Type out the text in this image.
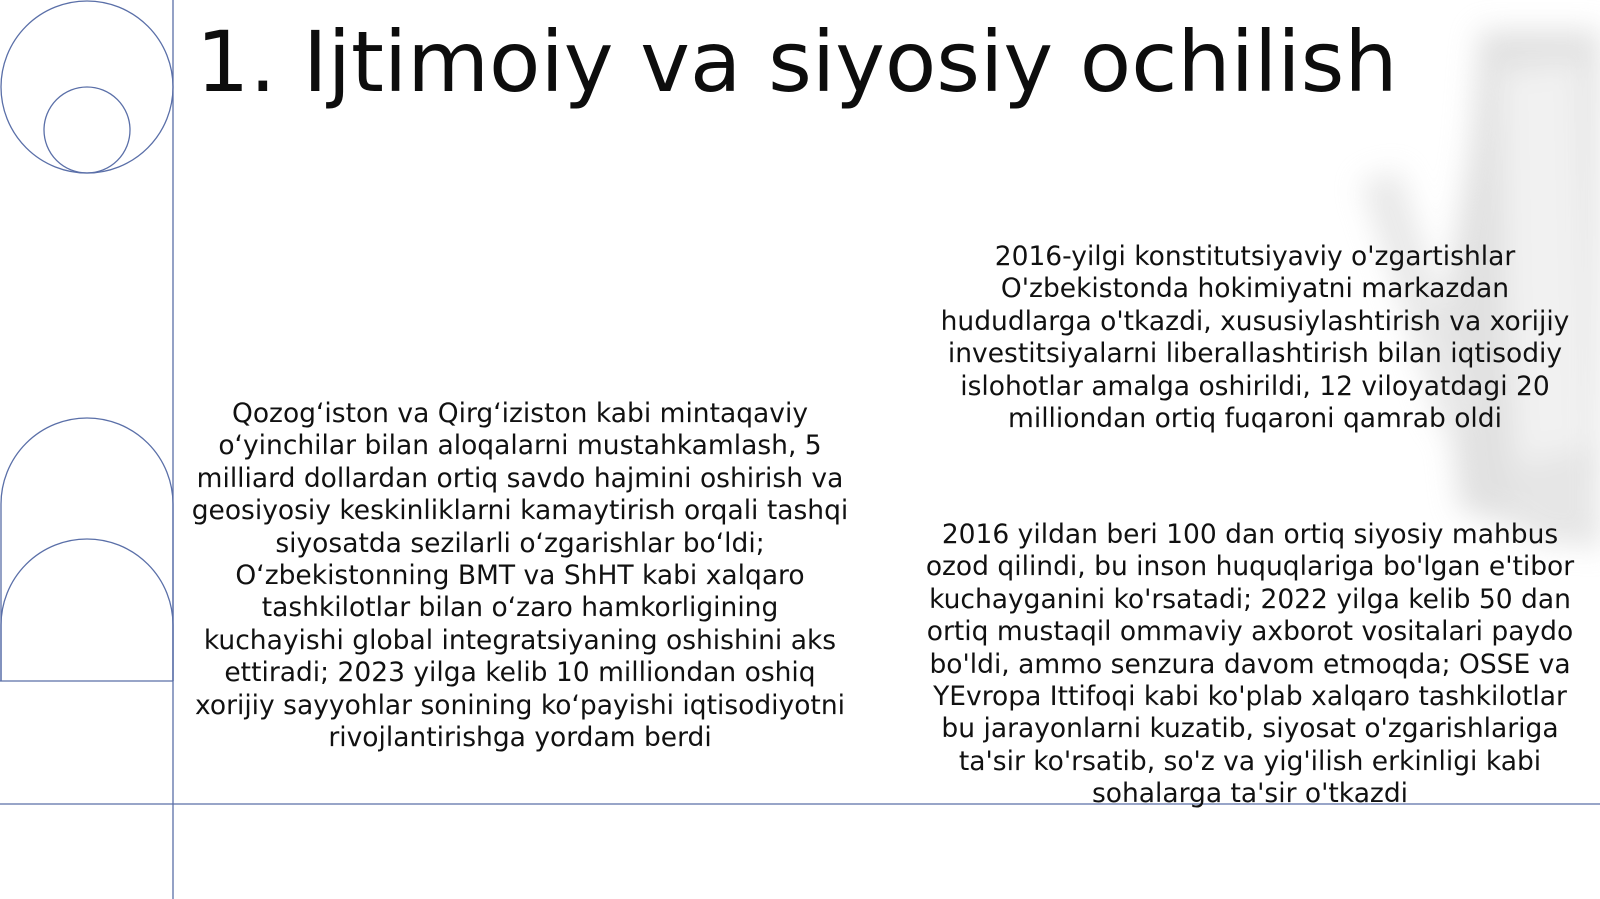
1. Ijtimoiy va siyosiy ochilish

Qozog‘iston va Qirg‘iziston kabi mintaqaviy o‘yinchilar bilan aloqalarni mustahkamlash, 5 milliard dollardan ortiq savdo hajmini oshirish va geosiyosiy keskinliklarni kamaytirish orqali tashqi siyosatda sezilarli o‘zgarishlar bo‘ldi; O‘zbekistonning BMT va ShHT kabi xalqaro tashkilotlar bilan o‘zaro hamkorligining kuchayishi global integratsiyaning oshishini aks ettiradi; 2023 yilga kelib 10 milliondan oshiq xorijiy sayyohlar sonining ko‘payishi iqtisodiyotni rivojlantirishga yordam berdi

2016-yilgi konstitutsiyaviy o'zgartishlar O'zbekistonda hokimiyatni markazdan hududlarga o'tkazdi, xususiylashtirish va xorijiy investitsiyalarni liberallashtirish bilan iqtisodiy islohotlar amalga oshirildi, 12 viloyatdagi 20 milliondan ortiq fuqaroni qamrab oldi

2016 yildan beri 100 dan ortiq siyosiy mahbus ozod qilindi, bu inson huquqlariga bo'lgan e'tibor kuchayganini ko'rsatadi; 2022 yilga kelib 50 dan ortiq mustaqil ommaviy axborot vositalari paydo bo'ldi, ammo senzura davom etmoqda; OSSE va YEvropa Ittifoqi kabi ko'plab xalqaro tashkilotlar bu jarayonlarni kuzatib, siyosat o'zgarishlariga ta'sir ko'rsatib, so'z va yig'ilish erkinligi kabi sohalarga ta'sir o'tkazdi
